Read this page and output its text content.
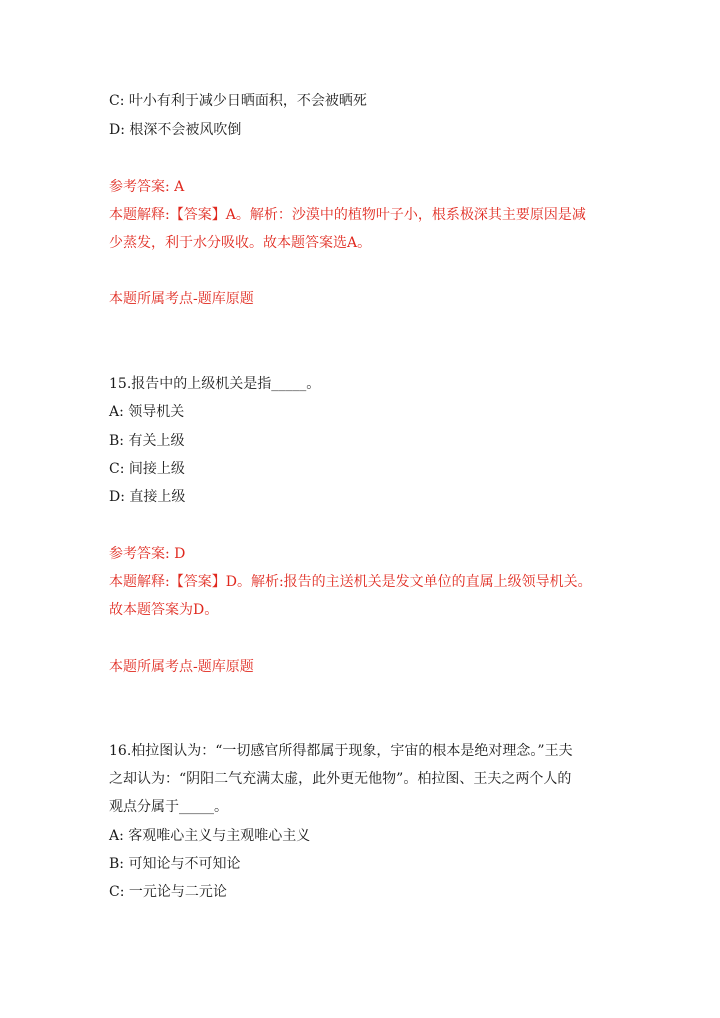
C: 叶小有利于减少日晒面积，不会被晒死
D: 根深不会被风吹倒
参考答案: A
本题解释:【答案】A。解析：沙漠中的植物叶子小，根系极深其主要原因是减
少蒸发，利于水分吸收。故本题答案选A。
本题所属考点-题库原题
15.报告中的上级机关是指_____。
A: 领导机关
B: 有关上级
C: 间接上级
D: 直接上级
参考答案: D
本题解释:【答案】D。解析:报告的主送机关是发文单位的直属上级领导机关。
故本题答案为D。
本题所属考点-题库原题
16.柏拉图认为：“一切感官所得都属于现象，宇宙的根本是绝对理念。”王夫
之却认为：“阴阳二气充满太虚，此外更无他物”。柏拉图、王夫之两个人的
观点分属于_____。
A: 客观唯心主义与主观唯心主义
B: 可知论与不可知论
C: 一元论与二元论
